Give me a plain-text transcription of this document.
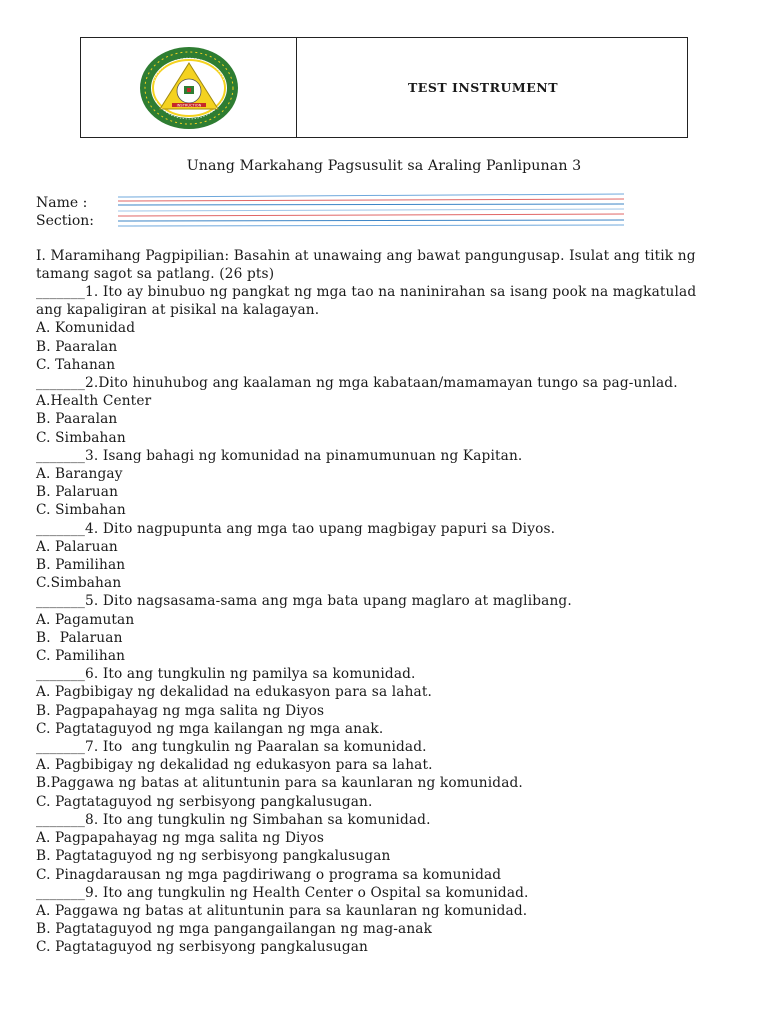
INSTRUCTION
TEST INSTRUMENT
Unang Markahang Pagsusulit sa Araling Panlipunan 3
Name :
Section:

I. Maramihang Pagpipilian: Basahin at unawaing ang bawat pangungusap. Isulat ang titik ng

tamang sagot sa patlang. (26 pts)

_______1. Ito ay binubuo ng pangkat ng mga tao na naninirahan sa isang pook na magkatulad

ang kapaligiran at pisikal na kalagayan.

A. Komunidad

B. Paaralan

C. Tahanan

_______2.Dito hinuhubog ang kaalaman ng mga kabataan/mamamayan tungo sa pag-unlad.

A.Health Center

B. Paaralan

C. Simbahan

_______3. Isang bahagi ng komunidad na pinamumunuan ng Kapitan.

A. Barangay

B. Palaruan

C. Simbahan

_______4. Dito nagpupunta ang mga tao upang magbigay papuri sa Diyos.

A. Palaruan

B. Pamilihan

C.Simbahan

_______5. Dito nagsasama-sama ang mga bata upang maglaro at maglibang.

A. Pagamutan

B.  Palaruan

C. Pamilihan

_______6. Ito ang tungkulin ng pamilya sa komunidad.

A. Pagbibigay ng dekalidad na edukasyon para sa lahat.

B. Pagpapahayag ng mga salita ng Diyos

C. Pagtataguyod ng mga kailangan ng mga anak.

_______7. Ito  ang tungkulin ng Paaralan sa komunidad.

A. Pagbibigay ng dekalidad ng edukasyon para sa lahat.

B.Paggawa ng batas at alituntunin para sa kaunlaran ng komunidad.

C. Pagtataguyod ng serbisyong pangkalusugan.

_______8. Ito ang tungkulin ng Simbahan sa komunidad.

A. Pagpapahayag ng mga salita ng Diyos

B. Pagtataguyod ng ng serbisyong pangkalusugan

C. Pinagdarausan ng mga pagdiriwang o programa sa komunidad

_______9. Ito ang tungkulin ng Health Center o Ospital sa komunidad.

A. Paggawa ng batas at alituntunin para sa kaunlaran ng komunidad.

B. Pagtataguyod ng mga pangangailangan ng mag-anak

C. Pagtataguyod ng serbisyong pangkalusugan
